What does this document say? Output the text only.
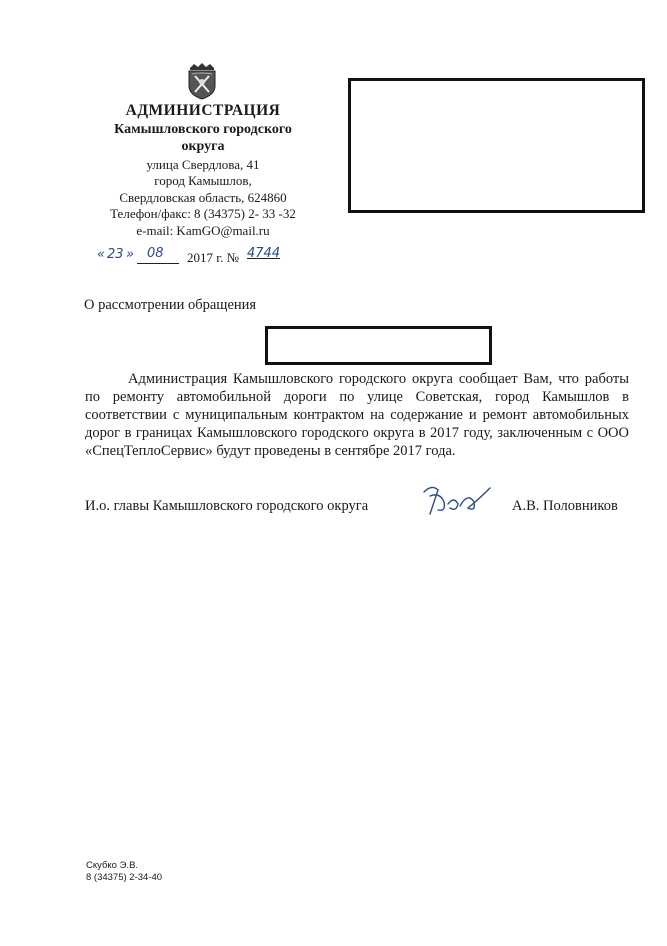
АДМИНИСТРАЦИЯ

Камышловского городского

округа

улица Свердлова, 41

город Камышлов,

Свердловская область, 624860

Телефон/факс: 8 (34375) 2- 33 -32

e-mail: KamGO@mail.ru

« 23 » 08 2017 г. № 4744

О рассмотрении обращения

Администрация Камышловского городского округа сообщает Вам, что работы по ремонту автомобильной дороги по улице Советская, город Камышлов в соответствии с муниципальным контрактом на содержание и ремонт автомобильных дорог в границах Камышловского городского округа в 2017 году, заключенным с ООО «СпецТеплоСервис» будут проведены в сентябре 2017 года.

И.о. главы Камышловского городского округа	А.В. Половников

Скубко Э.В.

8 (34375) 2-34-40
